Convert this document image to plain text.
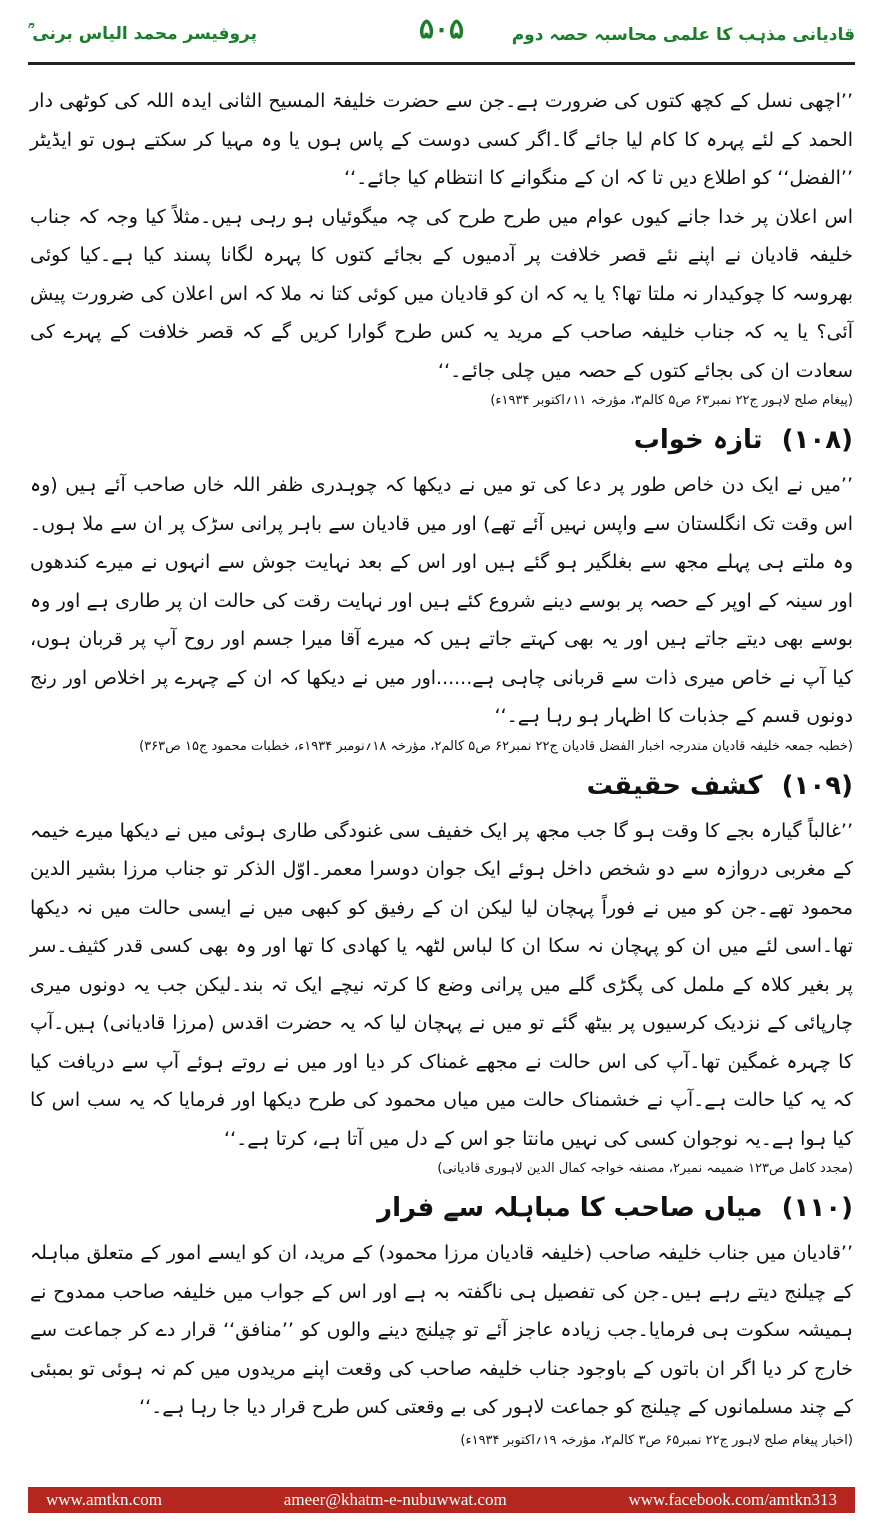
قادیانی مذہب کا علمی محاسبہ حصہ دوم
۵۰۵
پروفیسر محمد الیاس برنی ؒ

’’اچھی نسل کے کچھ کتوں کی ضرورت ہے۔جن سے حضرت خلیفۃ المسیح الثانی ایدہ اللہ کی کوٹھی دار الحمد کے لئے پہرہ کا کام لیا جائے گا۔اگر کسی دوست کے پاس ہوں یا وہ مہیا کر سکتے ہوں تو ایڈیٹر ’’الفضل‘‘ کو اطلاع دیں تا کہ ان کے منگوانے کا انتظام کیا جائے۔‘‘

اس اعلان پر خدا جانے کیوں عوام میں طرح طرح کی چہ میگوئیاں ہو رہی ہیں۔مثلاً کیا وجہ کہ جناب خلیفہ قادیان نے اپنے نئے قصر خلافت پر آدمیوں کے بجائے کتوں کا پہرہ لگانا پسند کیا ہے۔کیا کوئی بھروسہ کا چوکیدار نہ ملتا تھا؟ یا یہ کہ ان کو قادیان میں کوئی کتا نہ ملا کہ اس اعلان کی ضرورت پیش آئی؟ یا یہ کہ جناب خلیفہ صاحب کے مرید یہ کس طرح گوارا کریں گے کہ قصر خلافت کے پہرے کی سعادت ان کی بجائے کتوں کے حصہ میں چلی جائے۔‘‘

(پیغام صلح لاہور ج۲۲ نمبر۶۳ ص۵ کالم۳، مؤرخہ ۱۱؍اکتوبر ۱۹۳۴ء)
(۱۰۸) تازہ خواب

’’میں نے ایک دن خاص طور پر دعا کی تو میں نے دیکھا کہ چوہدری ظفر اللہ خاں صاحب آئے ہیں (وہ اس وقت تک انگلستان سے واپس نہیں آئے تھے) اور میں قادیان سے باہر پرانی سڑک پر ان سے ملا ہوں۔وہ ملتے ہی پہلے مجھ سے بغلگیر ہو گئے ہیں اور اس کے بعد نہایت جوش سے انہوں نے میرے کندھوں اور سینہ کے اوپر کے حصہ پر بوسے دینے شروع کئے ہیں اور نہایت رقت کی حالت ان پر طاری ہے اور وہ بوسے بھی دیتے جاتے ہیں اور یہ بھی کہتے جاتے ہیں کہ میرے آقا میرا جسم اور روح آپ پر قربان ہوں، کیا آپ نے خاص میری ذات سے قربانی چاہی ہے......اور میں نے دیکھا کہ ان کے چہرے پر اخلاص اور رنج دونوں قسم کے جذبات کا اظہار ہو رہا ہے۔‘‘

(خطبہ جمعہ خلیفہ قادیان مندرجہ اخبار الفضل قادیان ج۲۲ نمبر۶۲ ص۵ کالم۲، مؤرخہ ۱۸؍نومبر ۱۹۳۴ء، خطبات محمود ج۱۵ ص۳۶۳)
(۱۰۹) کشف حقیقت

’’غالباً گیارہ بجے کا وقت ہو گا جب مجھ پر ایک خفیف سی غنودگی طاری ہوئی میں نے دیکھا میرے خیمہ کے مغربی دروازہ سے دو شخص داخل ہوئے ایک جوان دوسرا معمر۔اوّل الذکر تو جناب مرزا بشیر الدین محمود تھے۔جن کو میں نے فوراً پہچان لیا لیکن ان کے رفیق کو کبھی میں نے ایسی حالت میں نہ دیکھا تھا۔اسی لئے میں ان کو پہچان نہ سکا ان کا لباس لٹھہ یا کھادی کا تھا اور وہ بھی کسی قدر کثیف۔سر پر بغیر کلاہ کے ململ کی پگڑی گلے میں پرانی وضع کا کرتہ نیچے ایک تہ بند۔لیکن جب یہ دونوں میری چارپائی کے نزدیک کرسیوں پر بیٹھ گئے تو میں نے پہچان لیا کہ یہ حضرت اقدس (مرزا قادیانی) ہیں۔آپ کا چہرہ غمگین تھا۔آپ کی اس حالت نے مجھے غمناک کر دیا اور میں نے روتے ہوئے آپ سے دریافت کیا کہ یہ کیا حالت ہے۔آپ نے خشمناک حالت میں میاں محمود کی طرح دیکھا اور فرمایا کہ یہ سب اس کا کیا ہوا ہے۔یہ نوجوان کسی کی نہیں مانتا جو اس کے دل میں آتا ہے، کرتا ہے۔‘‘

(مجدد کامل ص۱۲۳ ضمیمہ نمبر۲، مصنفہ خواجہ کمال الدین لاہوری قادیانی)
(۱۱۰) میاں صاحب کا مباہلہ سے فرار

’’قادیان میں جناب خلیفہ صاحب (خلیفہ قادیان مرزا محمود) کے مرید، ان کو ایسے امور کے متعلق مباہلہ کے چیلنج دیتے رہے ہیں۔جن کی تفصیل ہی ناگفتہ بہ ہے اور اس کے جواب میں خلیفہ صاحب ممدوح نے ہمیشہ سکوت ہی فرمایا۔جب زیادہ عاجز آئے تو چیلنج دینے والوں کو ’’منافق‘‘ قرار دے کر جماعت سے خارج کر دیا اگر ان باتوں کے باوجود جناب خلیفہ صاحب کی وقعت اپنے مریدوں میں کم نہ ہوئی تو بمبئی کے چند مسلمانوں کے چیلنج کو جماعت لاہور کی بے وقعتی کس طرح قرار دیا جا رہا ہے۔‘‘

(اخبار پیغام صلح لاہور ج۲۲ نمبر۶۵ ص۳ کالم۲، مؤرخہ ۱۹؍اکتوبر ۱۹۳۴ء)
www.amtkn.com	ameer@khatm-e-nubuwwat.com	www.facebook.com/amtkn313
